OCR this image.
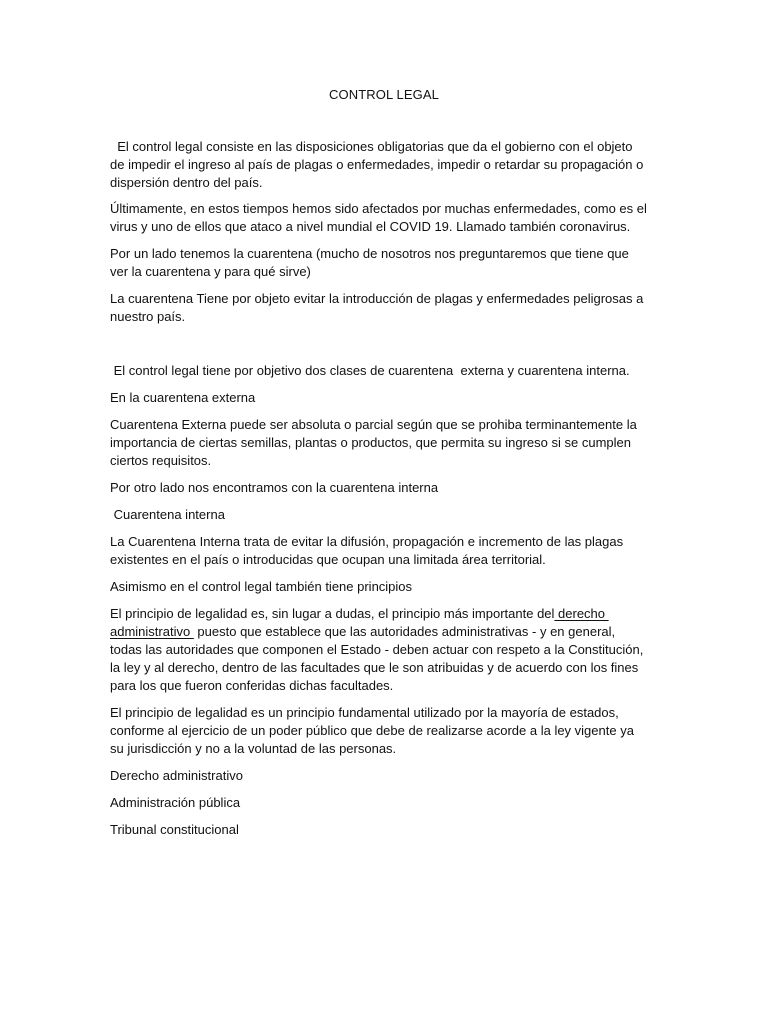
CONTROL LEGAL

El control legal consiste en las disposiciones obligatorias que da el gobierno con el objeto de impedir el ingreso al país de plagas o enfermedades, impedir o retardar su propagación o dispersión dentro del país.

Últimamente, en estos tiempos hemos sido afectados por muchas enfermedades, como es el virus y uno de ellos que ataco a nivel mundial el COVID 19. Llamado también coronavirus.

Por un lado tenemos la cuarentena (mucho de nosotros nos preguntaremos que tiene que ver la cuarentena y para qué sirve)

La cuarentena Tiene por objeto evitar la introducción de plagas y enfermedades peligrosas a nuestro país.

El control legal tiene por objetivo dos clases de cuarentena  externa y cuarentena interna.

En la cuarentena externa

Cuarentena Externa puede ser absoluta o parcial según que se prohiba terminantemente la importancia de ciertas semillas, plantas o productos, que permita su ingreso si se cumplen ciertos requisitos.

Por otro lado nos encontramos con la cuarentena interna

Cuarentena interna

La Cuarentena Interna trata de evitar la difusión, propagación e incremento de las plagas existentes en el país o introducidas que ocupan una limitada área territorial.

Asimismo en el control legal también tiene principios

El principio de legalidad es, sin lugar a dudas, el principio más importante del derecho administrativo  puesto que establece que las autoridades administrativas - y en general, todas las autoridades que componen el Estado - deben actuar con respeto a la Constitución, la ley y al derecho, dentro de las facultades que le son atribuidas y de acuerdo con los fines para los que fueron conferidas dichas facultades.

El principio de legalidad es un principio fundamental utilizado por la mayoría de estados, conforme al ejercicio de un poder público que debe de realizarse acorde a la ley vigente ya su jurisdicción y no a la voluntad de las personas.

Derecho administrativo

Administración pública

Tribunal constitucional
